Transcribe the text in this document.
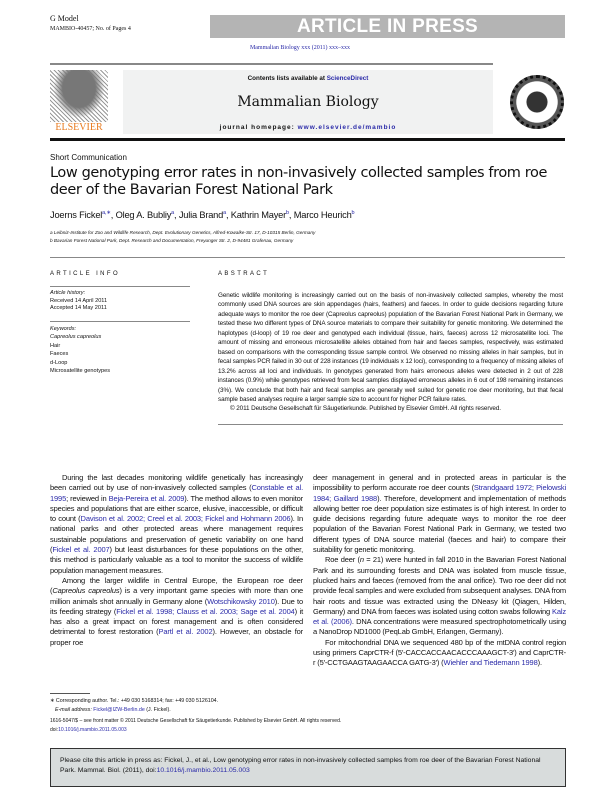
G Model
MAMBIO-40457; No. of Pages 4	ARTICLE IN PRESS
Mammalian Biology xxx (2011) xxx–xxx
ELSEVIER
Contents lists available at ScienceDirect
Mammalian Biology
journal homepage: www.elsevier.de/mambio
Short Communication
Low genotyping error rates in non-invasively collected samples from roe deer of the Bavarian Forest National Park
Joerns Fickel$^{a,∗}$, Oleg A. Bubliy$^a$, Julia Brand$^a$, Kathrin Mayer$^b$, Marco Heurich$^b$
a Leibniz-Institute for Zoo and Wildlife Research, Dept. Evolutionary Genetics, Alfred-Kowalke-Str. 17, D-10315 Berlin, Germany
b Bavarian Forest National Park, Dept. Research and Documentation, Freyunger Str. 2, D-94481 Grafenau, Germany
ARTICLE INFO	ABSTRACT
Article history:
Received 14 April 2011
Accepted 14 May 2011
Keywords:
Capreolus capreolus
Hair
Faeces
d-Loop
Microsatellite genotypes

Genetic wildlife monitoring is increasingly carried out on the basis of non-invasively collected samples, whereby the most commonly used DNA sources are skin appendages (hairs, feathers) and faeces. In order to guide decisions regarding future adequate ways to monitor the roe deer (Capreolus capreolus) population of the Bavarian Forest National Park in Germany, we tested these two different types of DNA source materials to compare their suitability for genetic monitoring. We determined the haplotypes (d-loop) of 19 roe deer and genotyped each individual (tissue, hairs, faeces) across 12 microsatellite loci. The amount of missing and erroneous microsatellite alleles obtained from hair and faeces samples, respectively, was estimated based on comparisons with the corresponding tissue sample control. We observed no missing alleles in hair samples, but in fecal samples PCR failed in 30 out of 228 instances (19 individuals x 12 loci), corresponding to a frequency of missing alleles of 13.2% across all loci and individuals. In genotypes generated from hairs erroneous alleles were detected in 2 out of 228 instances (0.9%) while genotypes retrieved from fecal samples displayed erroneous alleles in 6 out of 198 remaining instances (3%). We conclude that both hair and fecal samples are generally well suited for genetic roe deer monitoring, but that fecal sample based analyses require a larger sample size to account for higher PCR failure rates.

© 2011 Deutsche Gesellschaft für Säugetierkunde. Published by Elsevier GmbH. All rights reserved.

During the last decades monitoring wildlife genetically has increasingly been carried out by use of non-invasively collected samples (Constable et al. 1995; reviewed in Beja-Pereira et al. 2009). The method allows to even monitor species and populations that are either scarce, elusive, inaccessible, or difficult to count (Davison et al. 2002; Creel et al. 2003; Fickel and Hohmann 2006). In national parks and other protected areas where management requires sustainable populations and preservation of genetic variability on one hand (Fickel et al. 2007) but least disturbances for these populations on the other, this method is particularly valuable as a tool to monitor the success of wildlife population management measures.

Among the larger wildlife in Central Europe, the European roe deer (Capreolus capreolus) is a very important game species with more than one million animals shot annually in Germany alone (Wotschikowsky 2010). Due to its feeding strategy (Fickel et al. 1998; Clauss et al. 2003; Sage et al. 2004) it has also a great impact on forest management and is often considered detrimental to forest restoration (Partl et al. 2002). However, an obstacle for proper roe

deer management in general and in protected areas in particular is the impossibility to perform accurate roe deer counts (Strandgaard 1972; Pielowski 1984; Gaillard 1988). Therefore, development and implementation of methods allowing better roe deer population size estimates is of high interest. In order to guide decisions regarding future adequate ways to monitor the roe deer population of the Bavarian Forest National Park in Germany, we tested two different types of DNA source material (faeces and hair) to compare their suitability for genetic monitoring.

Roe deer (n = 21) were hunted in fall 2010 in the Bavarian Forest National Park and its surrounding forests and DNA was isolated from muscle tissue, plucked hairs and faeces (removed from the anal orifice). Two roe deer did not provide fecal samples and were excluded from subsequent analyses. DNA from hair roots and tissue was extracted using the DNeasy kit (Qiagen, Hilden, Germany) and DNA from faeces was isolated using cotton swabs following Kalz et al. (2006). DNA concentrations were measured spectrophotometrically using a NanoDrop ND1000 (PeqLab GmbH, Erlangen, Germany).

For mitochondrial DNA we sequenced 480 bp of the mtDNA control region using primers CaprCTR-f (5′-CACCACCAACACCCAAAGCT-3′) and CaprCTR-r (5′-CCTGAAGTAAGAACCA GATG-3′) (Wiehler and Tiedemann 1998).

∗ Corresponding author. Tel.: +49 030 5168314; fax: +49 030 5126104.
E-mail address: Fickel@IZW-Berlin.de (J. Fickel).
1616-5047/$ – see front matter © 2011 Deutsche Gesellschaft für Säugetierkunde. Published by Elsevier GmbH. All rights reserved.
doi:10.1016/j.mambio.2011.05.003
Please cite this article in press as: Fickel, J., et al., Low genotyping error rates in non-invasively collected samples from roe deer of the Bavarian Forest National Park. Mammal. Biol. (2011), doi:10.1016/j.mambio.2011.05.003
